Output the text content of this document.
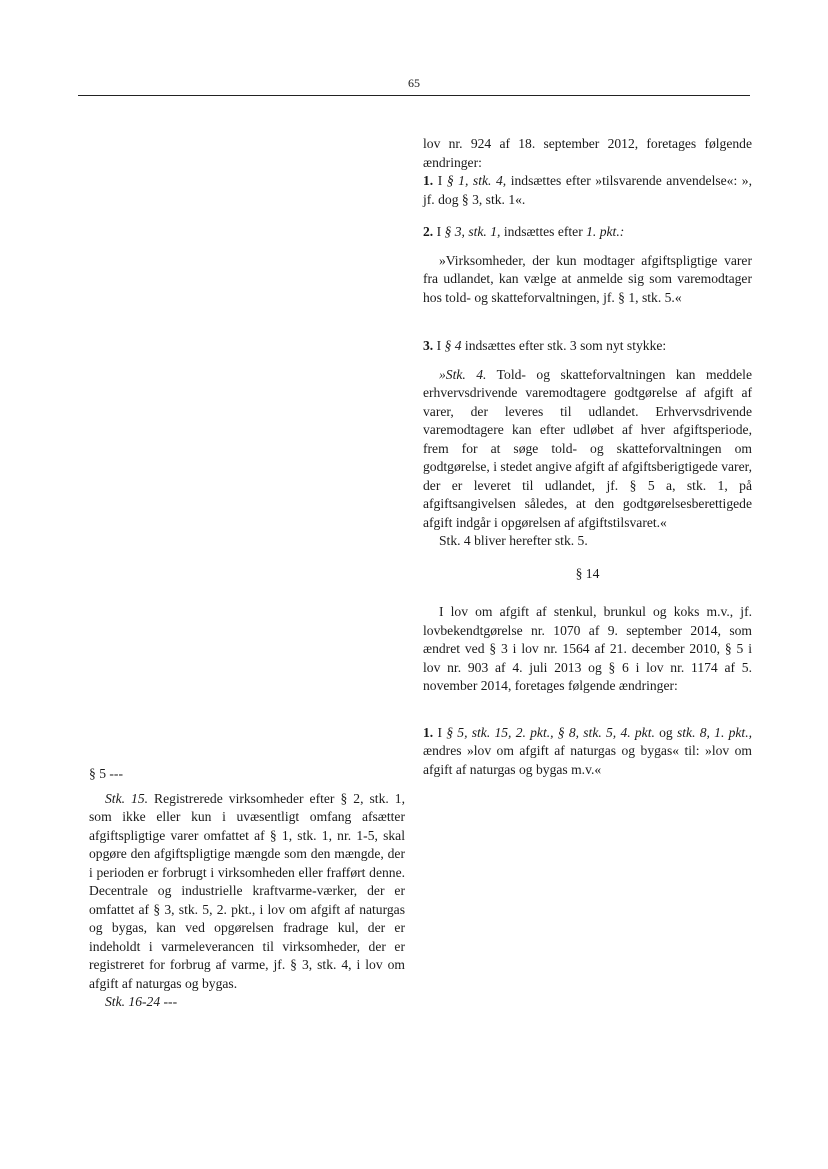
65

lov nr. 924 af 18. september 2012, foretages følgende ændringer:

1. I § 1, stk. 4, indsættes efter »tilsvarende anvendelse«: », jf. dog § 3, stk. 1«.

2. I § 3, stk. 1, indsættes efter 1. pkt.:

»Virksomheder, der kun modtager afgiftspligtige varer fra udlandet, kan vælge at anmelde sig som varemodtager hos told- og skatteforvaltningen, jf. § 1, stk. 5.«

3. I § 4 indsættes efter stk. 3 som nyt stykke:

»Stk. 4. Told- og skatteforvaltningen kan meddele erhvervsdrivende varemodtagere godtgørelse af afgift af varer, der leveres til udlandet. Erhvervsdrivende varemodtagere kan efter udløbet af hver afgiftsperiode, frem for at søge told- og skatteforvaltningen om godtgørelse, i stedet angive afgift af afgiftsberigtigede varer, der er leveret til udlandet, jf. § 5 a, stk. 1, på afgiftsangivelsen således, at den godtgørelsesberettigede afgift indgår i opgørelsen af afgiftstilsvaret.«

Stk. 4 bliver herefter stk. 5.

§ 14

I lov om afgift af stenkul, brunkul og koks m.v., jf. lovbekendtgørelse nr. 1070 af 9. september 2014, som ændret ved § 3 i lov nr. 1564 af 21. december 2010, § 5 i lov nr. 903 af 4. juli 2013 og § 6 i lov nr. 1174 af 5. november 2014, foretages følgende ændringer:

1. I § 5, stk. 15, 2. pkt., § 8, stk. 5, 4. pkt. og stk. 8, 1. pkt., ændres »lov om afgift af naturgas og bygas« til: »lov om afgift af naturgas og bygas m.v.«

§ 5 ---

Stk. 15. Registrerede virksomheder efter § 2, stk. 1, som ikke eller kun i uvæsentligt omfang afsætter afgiftspligtige varer omfattet af § 1, stk. 1, nr. 1-5, skal opgøre den afgiftspligtige mængde som den mængde, der i perioden er forbrugt i virksomheden eller frafført denne. Decentrale og industrielle kraftvarme-værker, der er omfattet af § 3, stk. 5, 2. pkt., i lov om afgift af naturgas og bygas, kan ved opgørelsen fradrage kul, der er indeholdt i varmeleverancen til virksomheder, der er registreret for forbrug af varme, jf. § 3, stk. 4, i lov om afgift af naturgas og bygas.

Stk. 16-24 ---
